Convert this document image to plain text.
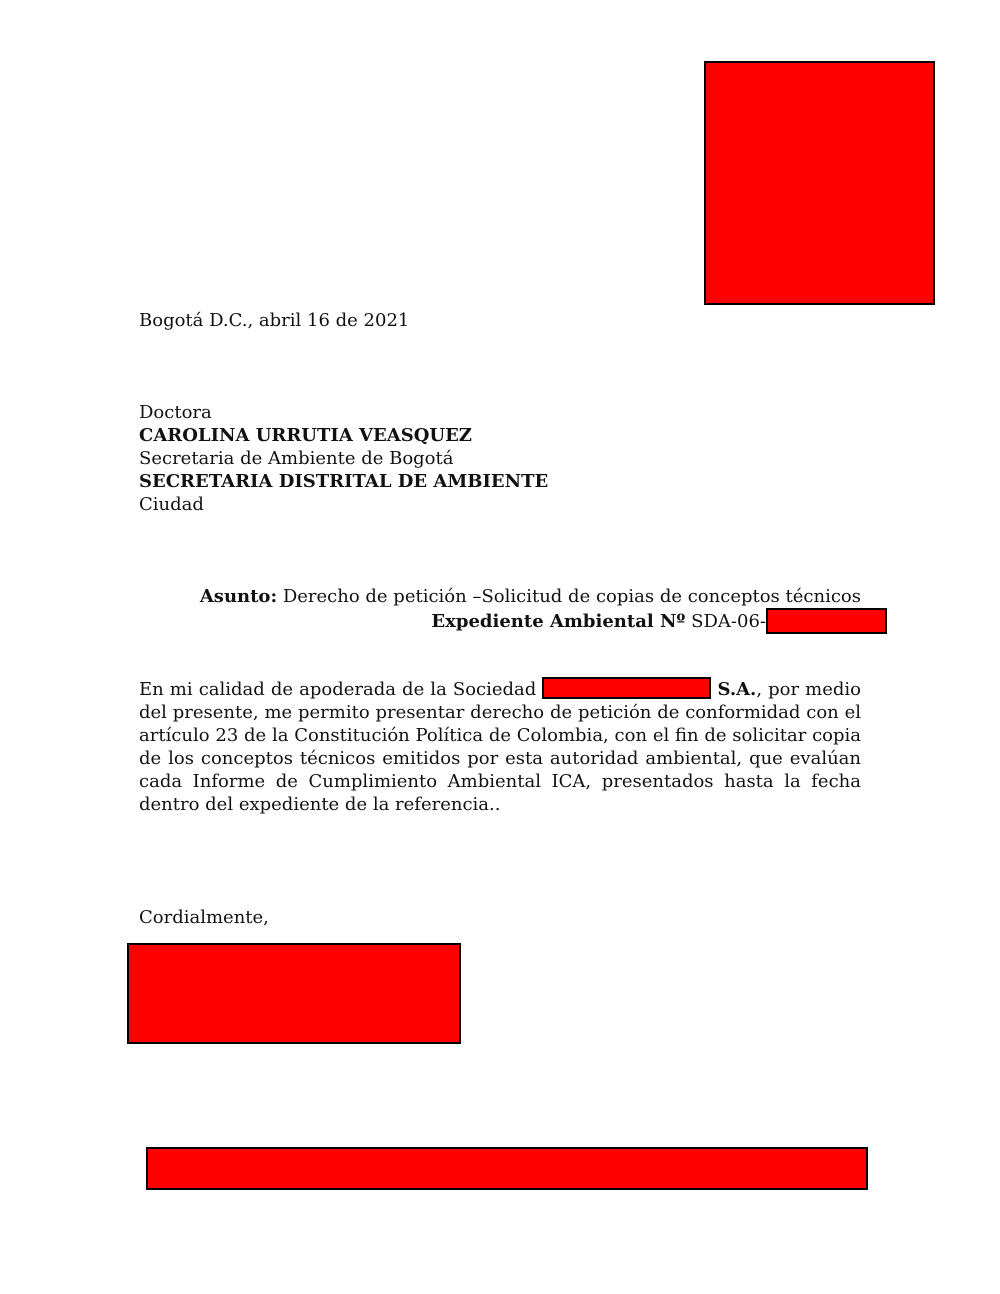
Bogotá D.C., abril 16 de 2021
Doctora
CAROLINA URRUTIA VEASQUEZ
Secretaria de Ambiente de Bogotá
SECRETARIA DISTRITAL DE AMBIENTE
Ciudad
Asunto: Derecho de petición –Solicitud de copias de conceptos técnicos
Expediente Ambiental Nº SDA-06-
En mi calidad de apoderada de la Sociedad	S.A., por medio del presente, me permito presentar derecho de petición de conformidad con el artículo 23 de la Constitución Política de Colombia, con el fin de solicitar copia de los conceptos técnicos emitidos por esta autoridad ambiental, que evalúan cada Informe de Cumplimiento Ambiental ICA, presentados hasta la fecha dentro del expediente de la referencia..
Cordialmente,
